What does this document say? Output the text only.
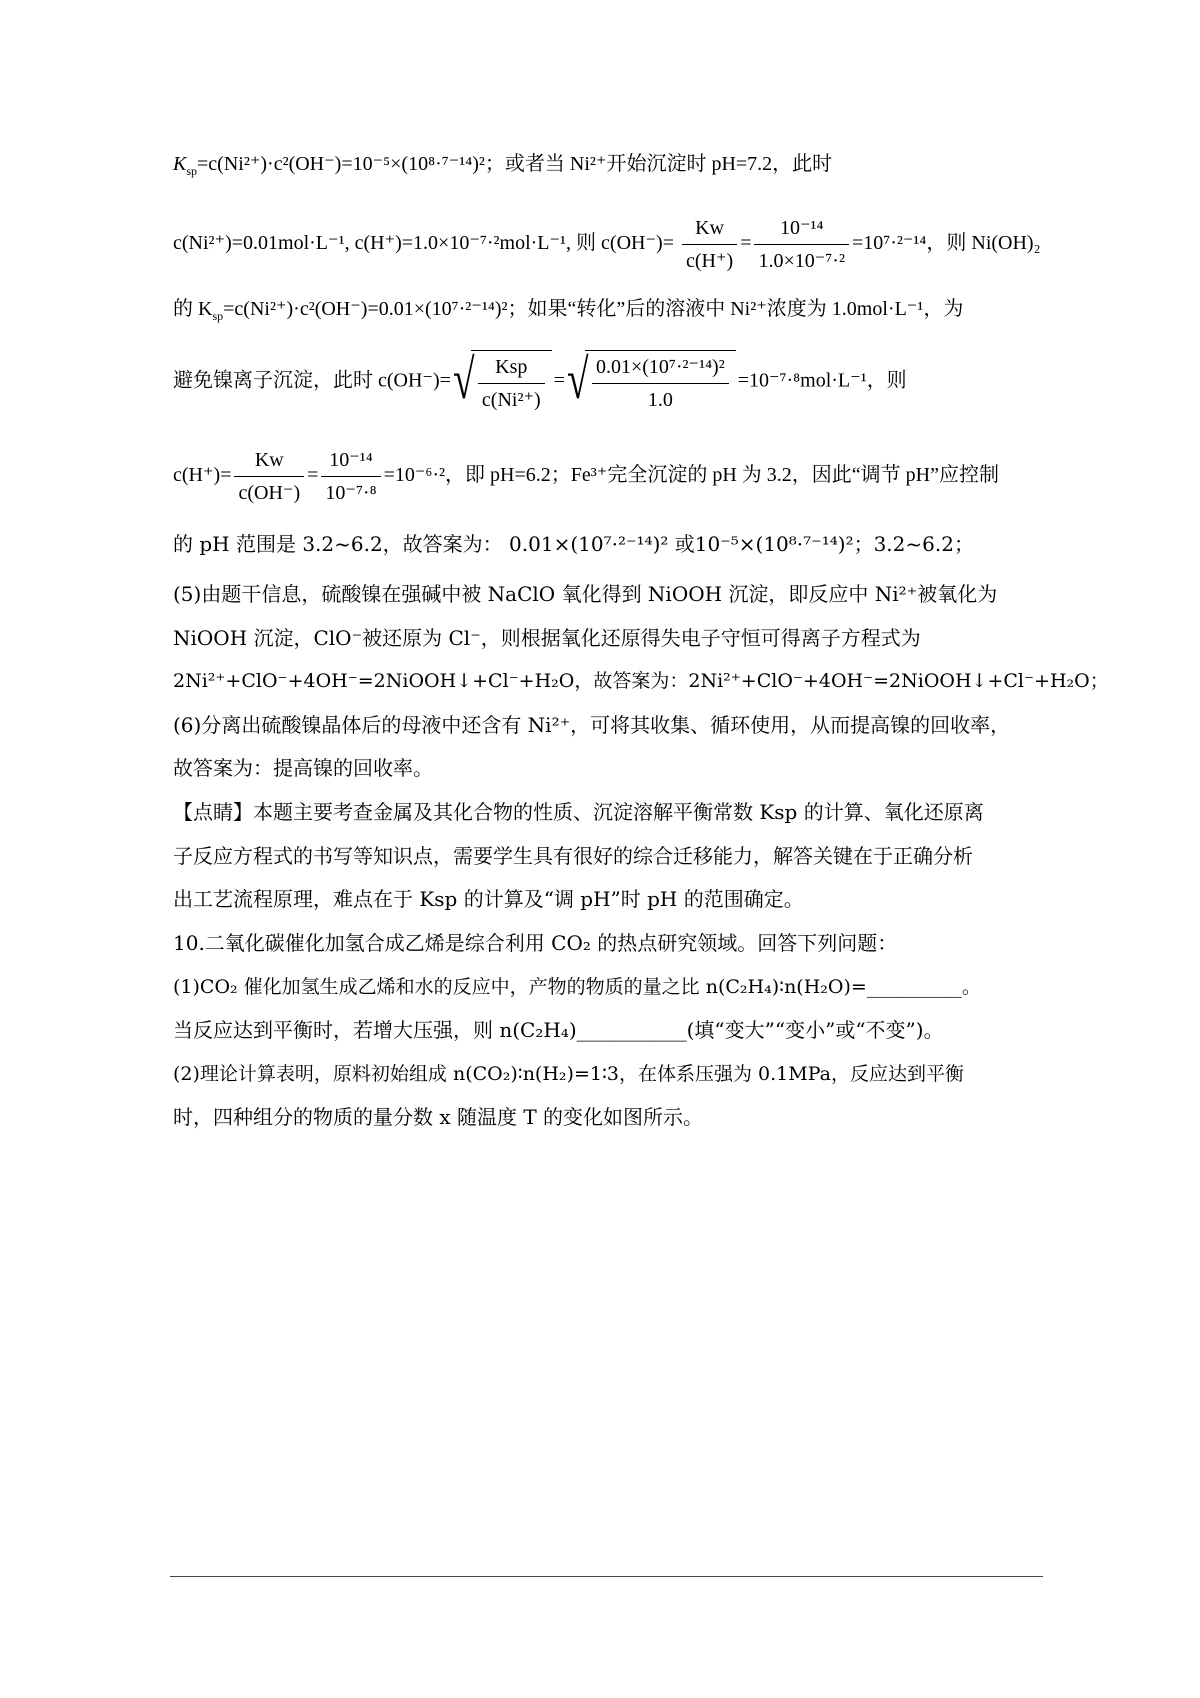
$K_{sp}=c(Ni^{2+})\cdot c^2(OH^-)=10^{-5}\times(10^8\cdot^{7-14})^2$；或者当 Ni²⁺开始沉淀时 pH=7.2，此时
c(Ni²⁺)=0.01mol·L⁻¹, c(H⁺)=1.0×10⁻⁷·²mol·L⁻¹, 则 $c(OH^-)= \frac{Kw}{c(H^+)} = \frac{\text{10⁻¹⁴}}{\text{1.0×10⁻⁷·²}} =10^7\cdot^{2-14}$，则 Ni(OH)₂
的 $K_{sp}=c(Ni^{2+})\cdot c^2(OH^-)=0.01\times(10^7\cdot^{2-14})^2$；如果“转化”后的溶液中 Ni²⁺浓度为 1.0mol·L⁻¹，为
避免镍离子沉淀，此时 c(OH⁻)= √ $\frac{\text{Ksp}}{\text{c(Ni²⁺)}}$ = √ $\frac{\text{0.01×(10⁷·²⁻¹⁴)²}}{1.0} =10^{-7}\cdot^8mol\cdot L^{-1}$，则
$c(H^+)= \frac{Kw}{c(OH^-)} = \frac{\text{10⁻¹⁴}}{\text{10⁻⁷·⁸}} =10^{-6}\cdot^2$，即 pH=6.2；Fe³⁺完全沉淀的 pH 为 3.2，因此“调节 pH”应控制
的 pH 范围是 3.2~6.2，故答案为： 0.01×(10⁷·²⁻¹⁴)² 或10⁻⁵×(10⁸·⁷⁻¹⁴)²；3.2~6.2；
(5)由题干信息，硫酸镍在强碱中被 NaClO 氧化得到 NiOOH 沉淀，即反应中 Ni²⁺被氧化为
NiOOH 沉淀，ClO⁻被还原为 Cl⁻，则根据氧化还原得失电子守恒可得离子方程式为
2Ni²⁺+ClO⁻+4OH⁻=2NiOOH↓+Cl⁻+H₂O，故答案为：2Ni²⁺+ClO⁻+4OH⁻=2NiOOH↓+Cl⁻+H₂O；
(6)分离出硫酸镍晶体后的母液中还含有 Ni²⁺，可将其收集、循环使用，从而提高镍的回收率，
故答案为：提高镍的回收率。
【点睛】本题主要考查金属及其化合物的性质、沉淀溶解平衡常数 Ksp 的计算、氧化还原离
子反应方程式的书写等知识点，需要学生具有很好的综合迁移能力，解答关键在于正确分析
出工艺流程原理，难点在于 Ksp 的计算及“调 pH”时 pH 的范围确定。
10.二氧化碳催化加氢合成乙烯是综合利用 CO₂ 的热点研究领域。回答下列问题：
(1)CO₂ 催化加氢生成乙烯和水的反应中，产物的物质的量之比 n(C₂H₄)∶n(H₂O)=__________。
当反应达到平衡时，若增大压强，则 n(C₂H₄)___________(填“变大”“变小”或“不变”)。
(2)理论计算表明，原料初始组成 n(CO₂)∶n(H₂)=1∶3，在体系压强为 0.1MPa，反应达到平衡
时，四种组分的物质的量分数 x 随温度 T 的变化如图所示。
